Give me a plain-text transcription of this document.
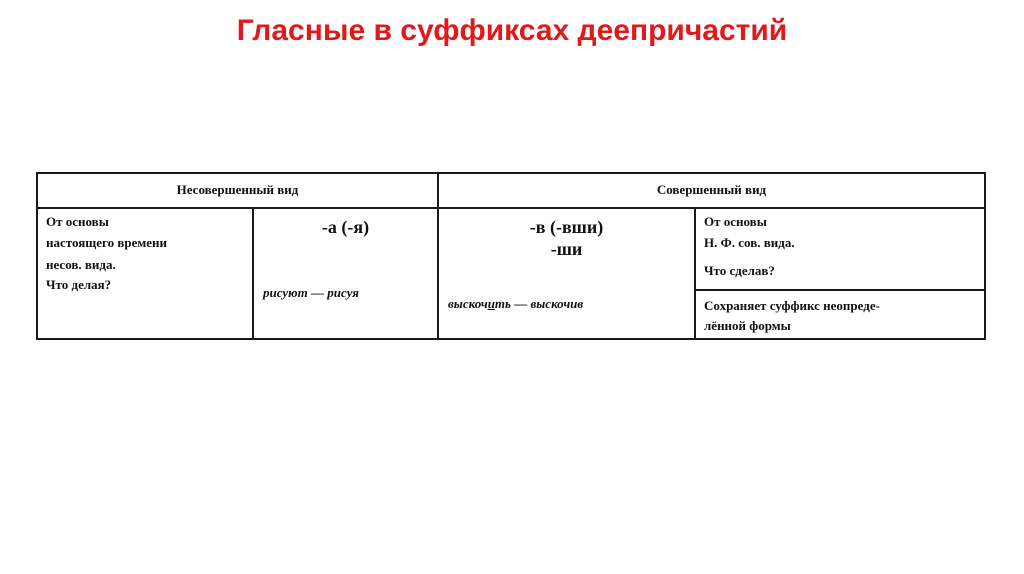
Гласные в суффиксах деепричастий
Несовершенный вид	Совершенный вид
От основы
настоящего времени
несов. вида.
Что делая?
-а (-я)
рисуют — рисуя
-в (-вши)
-ши
выскочить — выскочив
От основы
Н. Ф. сов. вида.
Что сделав?
Сохраняет суффикс неопреде-
лённой формы
